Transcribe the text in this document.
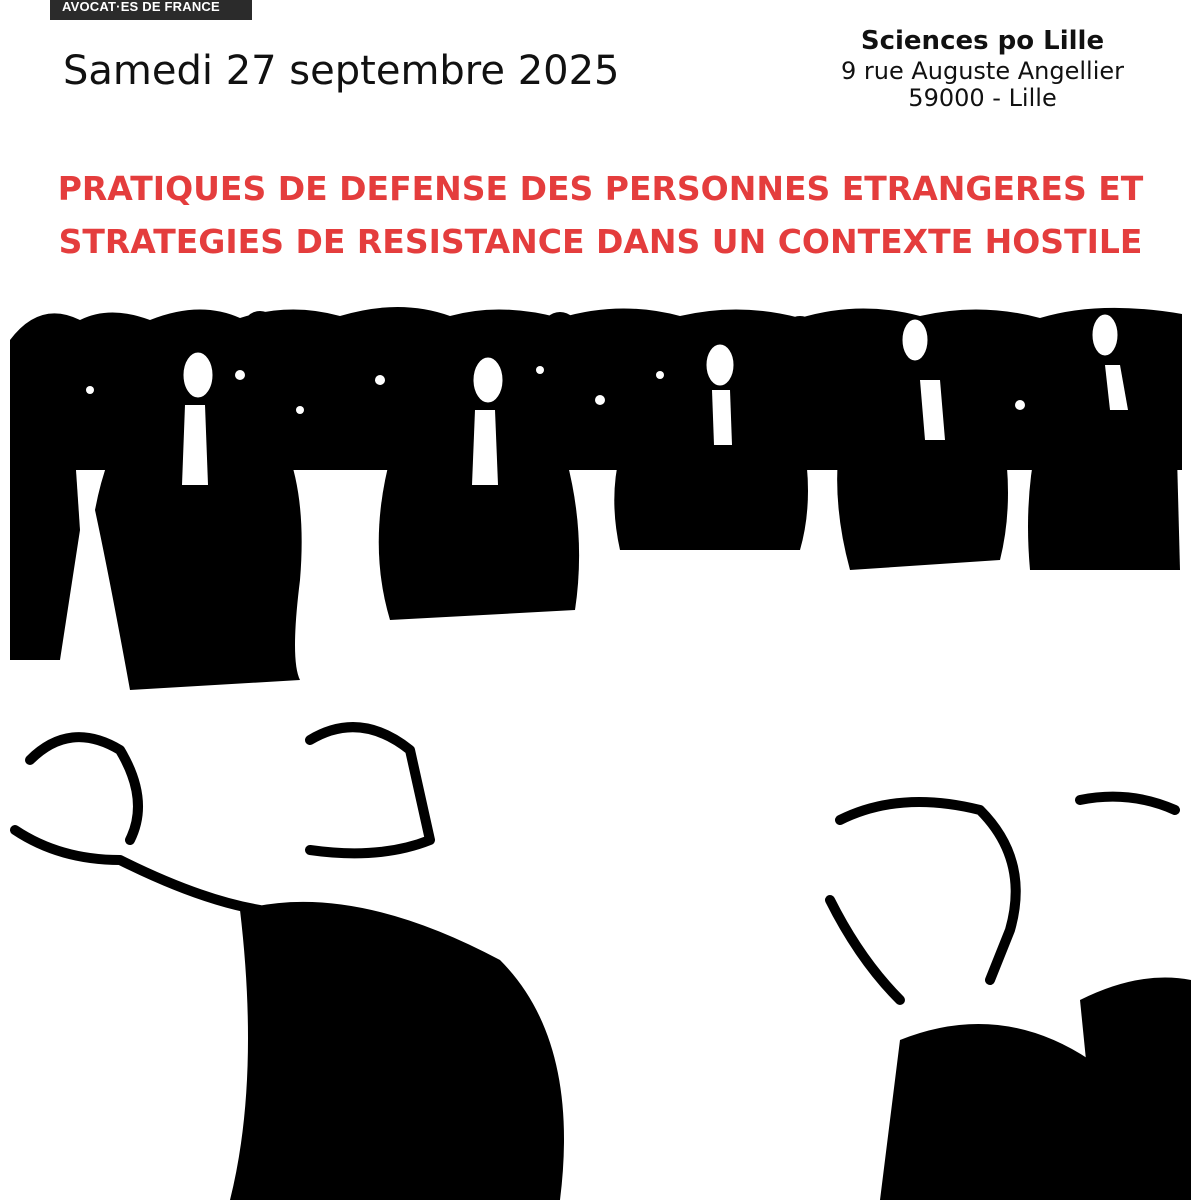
AVOCAT·ES DE FRANCE
Samedi 27 septembre 2025
Sciences po Lille
9 rue Auguste Angellier
59000 - Lille
PRATIQUES DE DEFENSE DES PERSONNES ETRANGERES ET
STRATEGIES DE RESISTANCE DANS UN CONTEXTE HOSTILE
